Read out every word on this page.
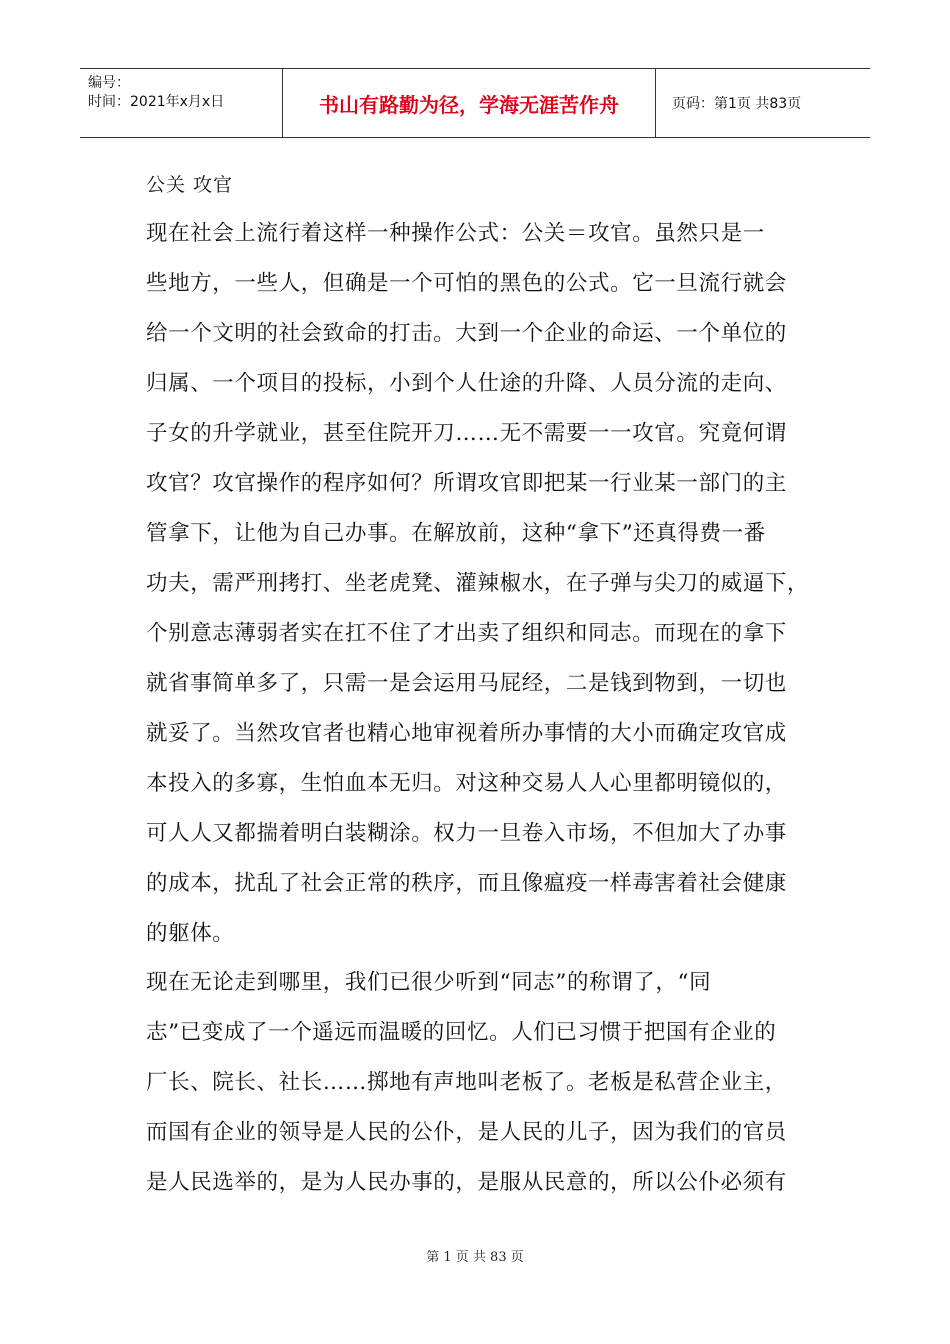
编号：
时间：2021年x月x日	书山有路勤为径，学海无涯苦作舟	页码：第1页 共83页
公关 攻官
现在社会上流行着这样一种操作公式：公关＝攻官。虽然只是一
些地方，一些人，但确是一个可怕的黑色的公式。它一旦流行就会
给一个文明的社会致命的打击。大到一个企业的命运、一个单位的
归属、一个项目的投标，小到个人仕途的升降、人员分流的走向、
子女的升学就业，甚至住院开刀……无不需要一一攻官。究竟何谓
攻官？攻官操作的程序如何？所谓攻官即把某一行业某一部门的主
管拿下，让他为自己办事。在解放前，这种“拿下”还真得费一番
功夫，需严刑拷打、坐老虎凳、灌辣椒水，在子弹与尖刀的威逼下，
个别意志薄弱者实在扛不住了才出卖了组织和同志。而现在的拿下
就省事简单多了，只需一是会运用马屁经，二是钱到物到，一切也
就妥了。当然攻官者也精心地审视着所办事情的大小而确定攻官成
本投入的多寡，生怕血本无归。对这种交易人人心里都明镜似的，
可人人又都揣着明白装糊涂。权力一旦卷入市场，不但加大了办事
的成本，扰乱了社会正常的秩序，而且像瘟疫一样毒害着社会健康
的躯体。
现在无论走到哪里，我们已很少听到“同志”的称谓了，“同
志”已变成了一个遥远而温暖的回忆。人们已习惯于把国有企业的
厂长、院长、社长……掷地有声地叫老板了。老板是私营企业主，
而国有企业的领导是人民的公仆，是人民的儿子，因为我们的官员
是人民选举的，是为人民办事的，是服从民意的，所以公仆必须有
第 1 页 共 83 页
